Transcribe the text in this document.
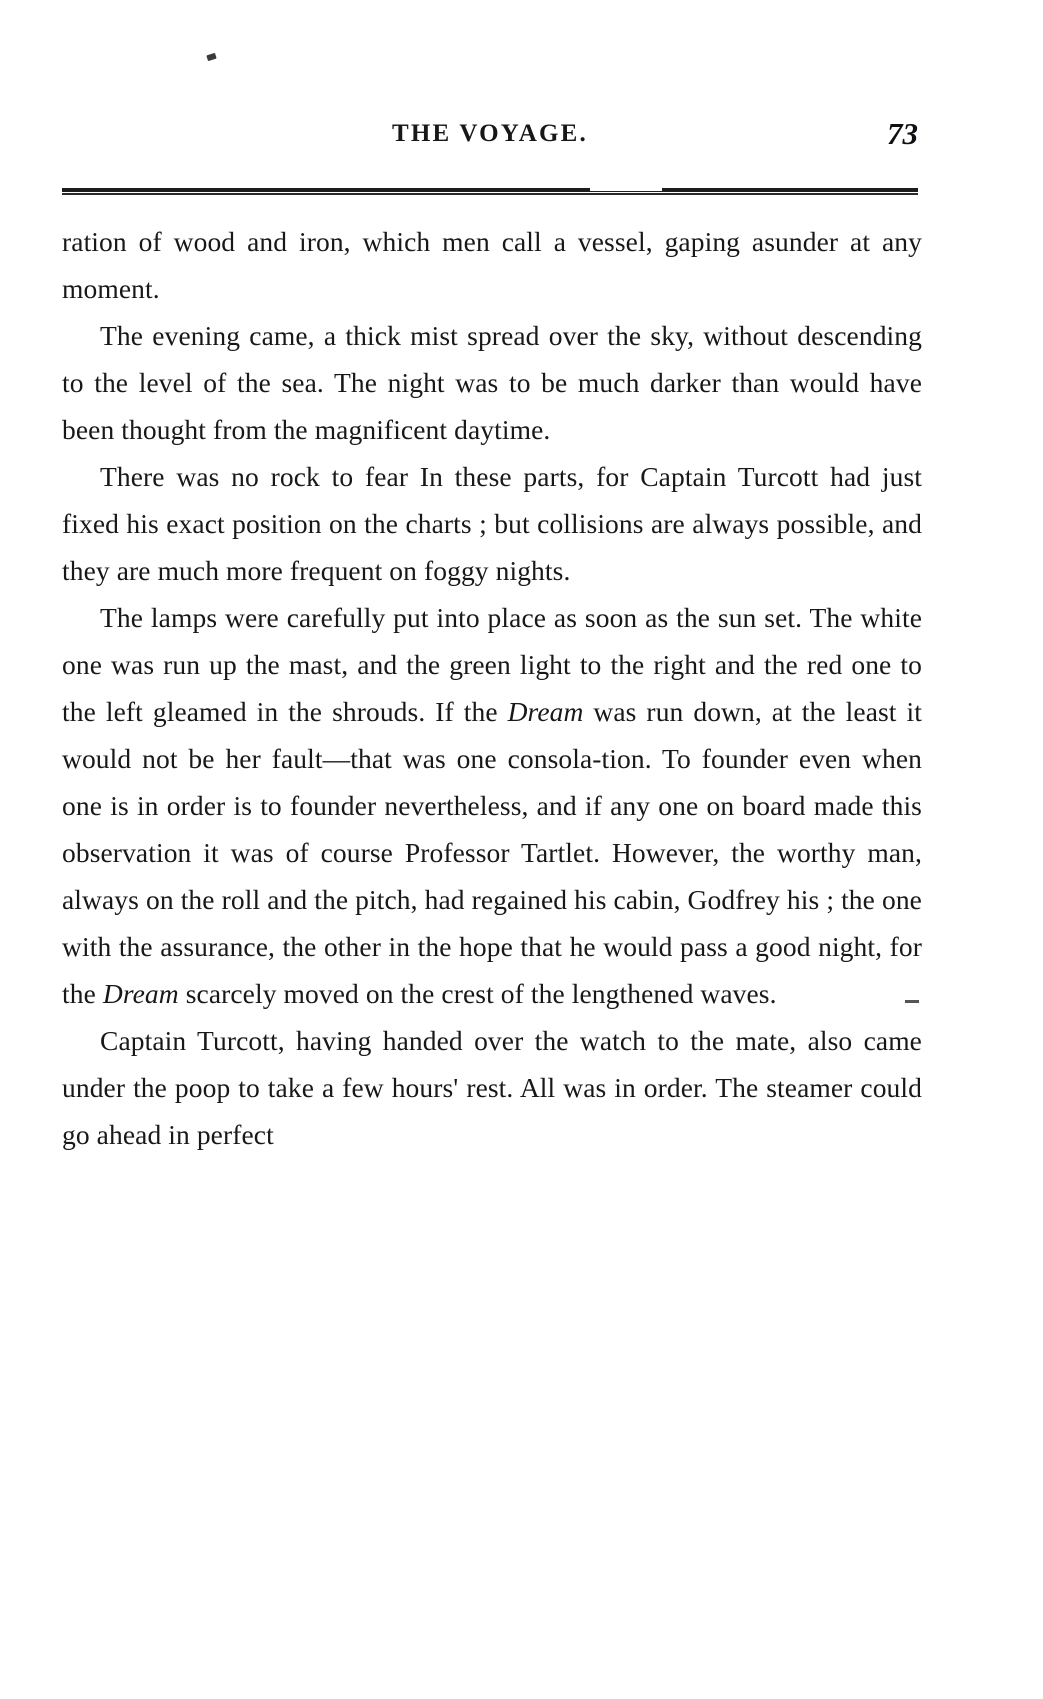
THE VOYAGE.	73

ration of wood and iron, which men call a vessel, gaping asunder at any moment.

The evening came, a thick mist spread over the sky, without descending to the level of the sea. The night was to be much darker than would have been thought from the magnificent daytime.

There was no rock to fear In these parts, for Captain Turcott had just fixed his exact position on the charts ; but collisions are always possible, and they are much more frequent on foggy nights.

The lamps were carefully put into place as soon as the sun set. The white one was run up the mast, and the green light to the right and the red one to the left gleamed in the shrouds. If the Dream was run down, at the least it would not be her fault—that was one consola-tion. To founder even when one is in order is to founder nevertheless, and if any one on board made this observation it was of course Professor Tartlet. However, the worthy man, always on the roll and the pitch, had regained his cabin, Godfrey his ; the one with the assurance, the other in the hope that he would pass a good night, for the Dream scarcely moved on the crest of the lengthened waves.

Captain Turcott, having handed over the watch to the mate, also came under the poop to take a few hours' rest. All was in order. The steamer could go ahead in perfect
